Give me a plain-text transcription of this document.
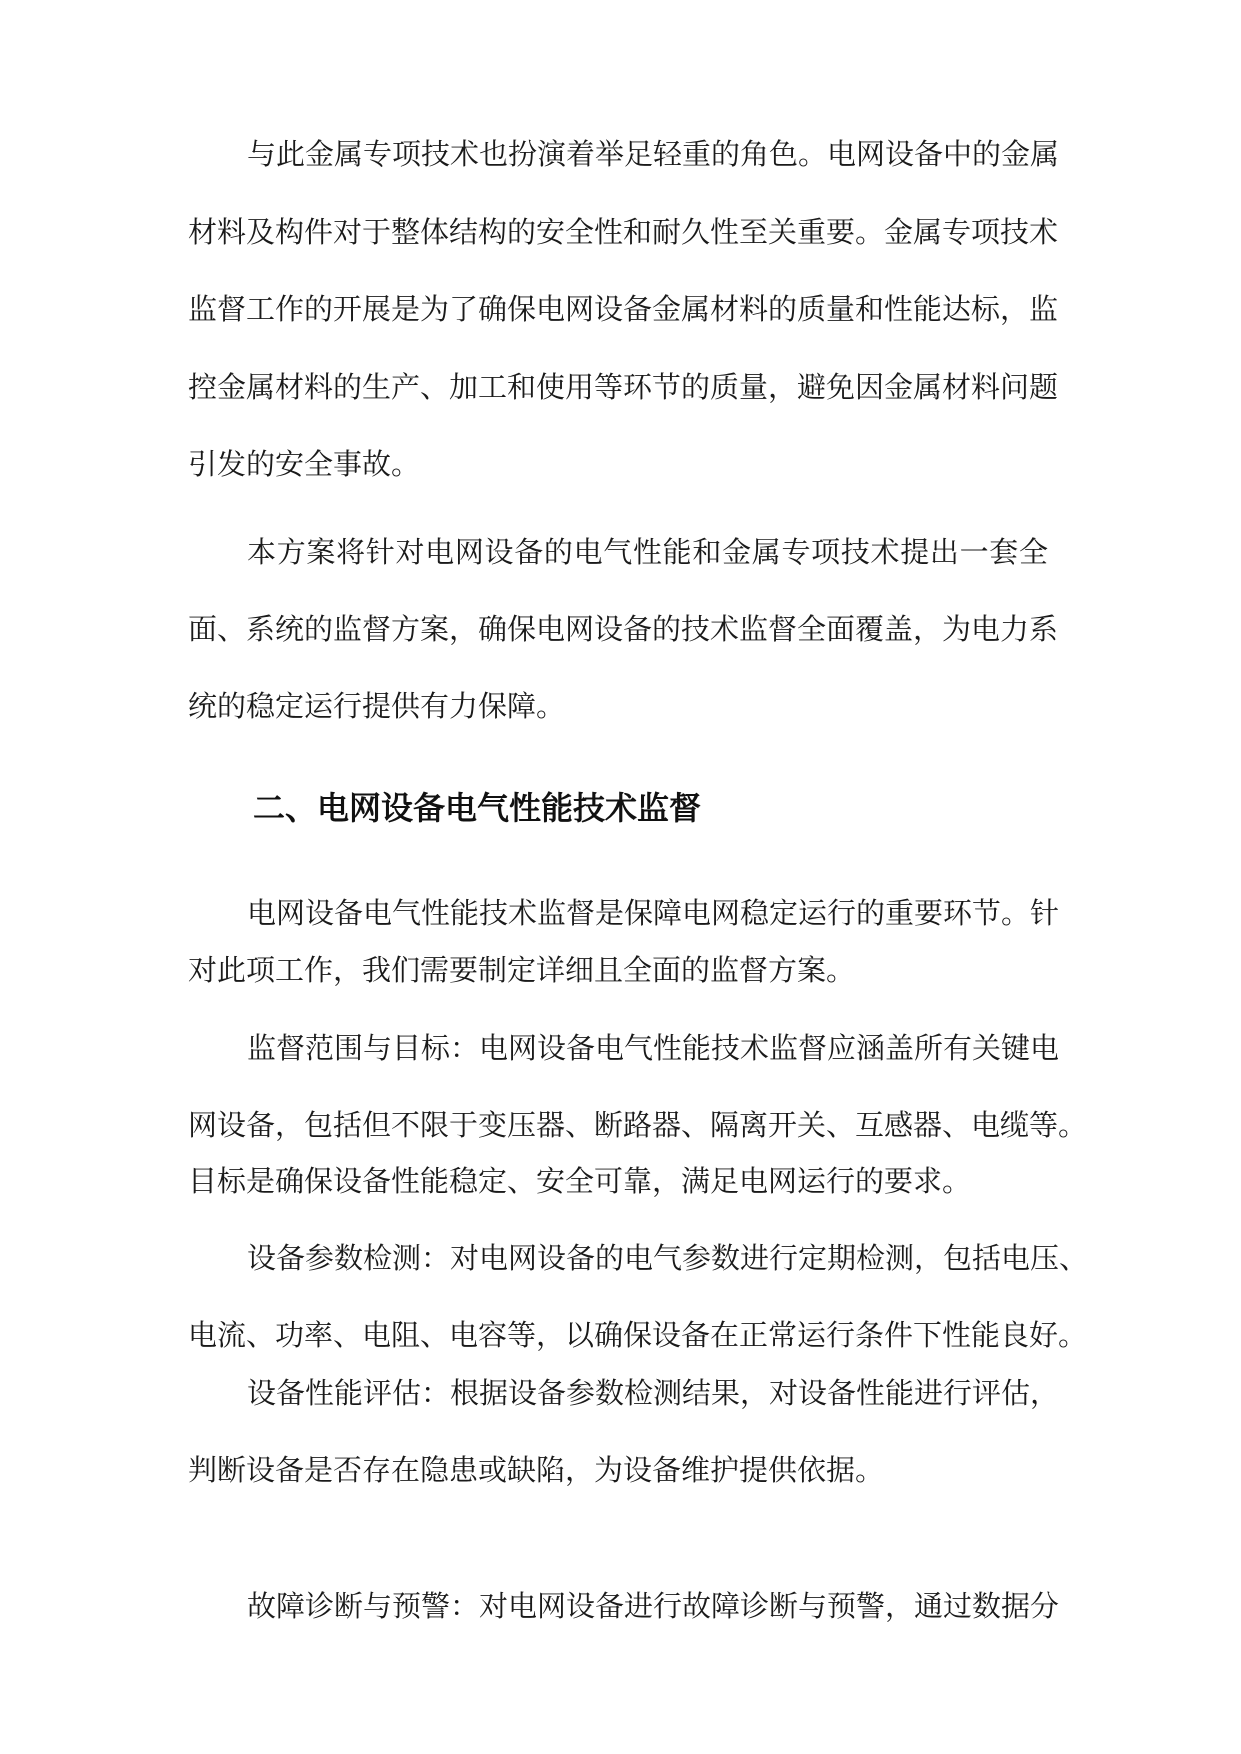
与此金属专项技术也扮演着举足轻重的角色。电网设备中的金属

材料及构件对于整体结构的安全性和耐久性至关重要。金属专项技术

监督工作的开展是为了确保电网设备金属材料的质量和性能达标，监

控金属材料的生产、加工和使用等环节的质量，避免因金属材料问题

引发的安全事故。

本方案将针对电网设备的电气性能和金属专项技术提出一套全

面、系统的监督方案，确保电网设备的技术监督全面覆盖，为电力系

统的稳定运行提供有力保障。

二、电网设备电气性能技术监督

电网设备电气性能技术监督是保障电网稳定运行的重要环节。针

对此项工作，我们需要制定详细且全面的监督方案。

监督范围与目标：电网设备电气性能技术监督应涵盖所有关键电

网设备，包括但不限于变压器、断路器、隔离开关、互感器、电缆等。

目标是确保设备性能稳定、安全可靠，满足电网运行的要求。

设备参数检测：对电网设备的电气参数进行定期检测，包括电压、

电流、功率、电阻、电容等，以确保设备在正常运行条件下性能良好。

设备性能评估：根据设备参数检测结果，对设备性能进行评估，

判断设备是否存在隐患或缺陷，为设备维护提供依据。

故障诊断与预警：对电网设备进行故障诊断与预警，通过数据分
